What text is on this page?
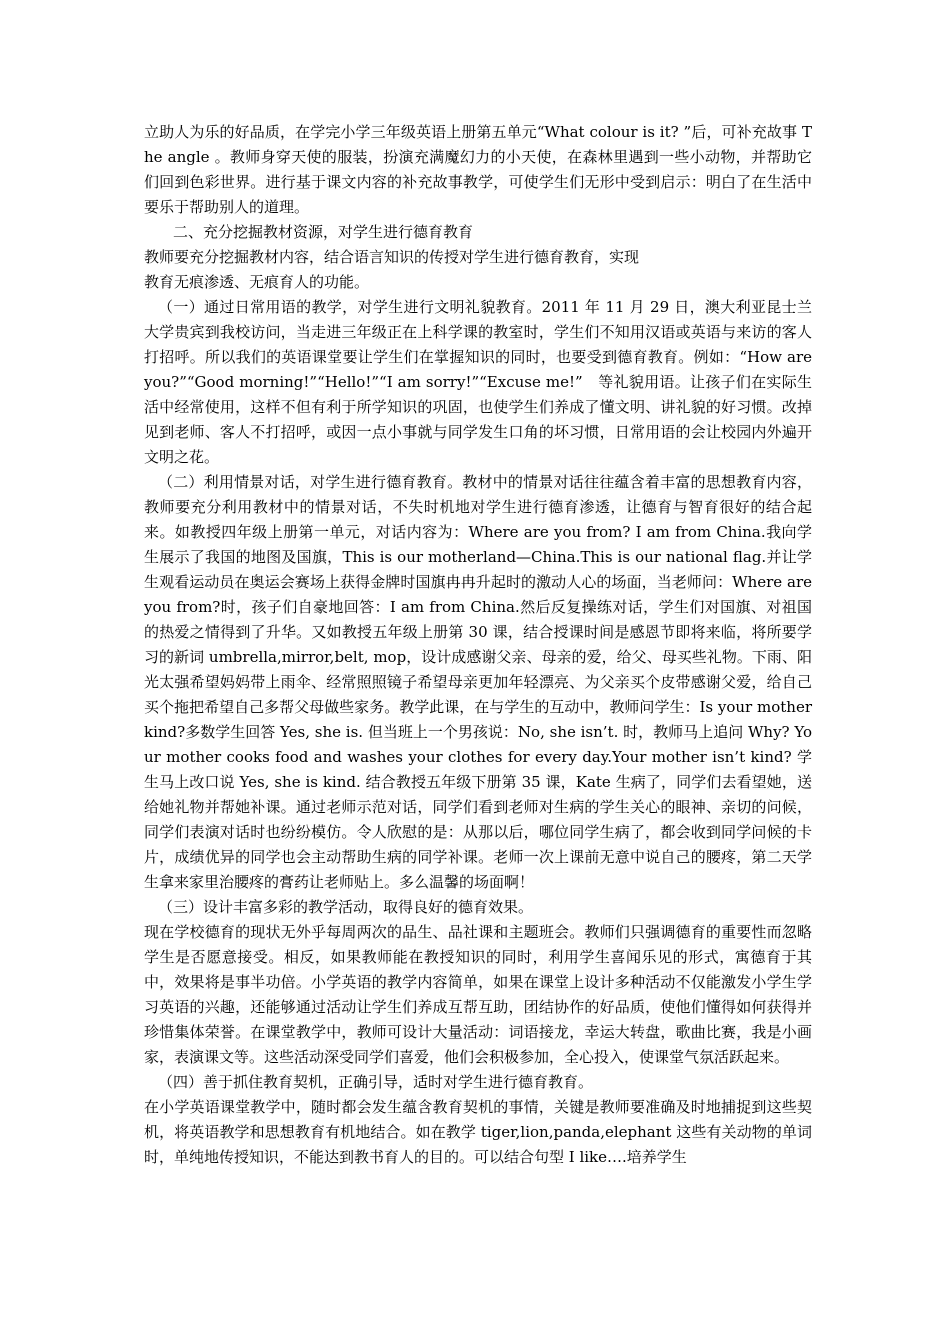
立助人为乐的好品质，在学完小学三年级英语上册第五单元“What colour is it? ”后，可补充故事 The angle 。教师身穿天使的服装，扮演充满魔幻力的小天使，在森林里遇到一些小动物，并帮助它们回到色彩世界。进行基于课文内容的补充故事教学，可使学生们无形中受到启示：明白了在生活中要乐于帮助别人的道理。

　二、充分挖掘教材资源，对学生进行德育教育

教师要充分挖掘教材内容，结合语言知识的传授对学生进行德育教育，实现

教育无痕渗透、无痕育人的功能。

（一）通过日常用语的教学，对学生进行文明礼貌教育。2011 年 11 月 29 日，澳大利亚昆士兰大学贵宾到我校访问，当走进三年级正在上科学课的教室时，学生们不知用汉语或英语与来访的客人打招呼。所以我们的英语课堂要让学生们在掌握知识的同时，也要受到德育教育。例如：“How are you?”“Good morning!”“Hello!”“I am sorry!”“Excuse me!”　等礼貌用语。让孩子们在实际生活中经常使用，这样不但有利于所学知识的巩固，也使学生们养成了懂文明、讲礼貌的好习惯。改掉见到老师、客人不打招呼，或因一点小事就与同学发生口角的坏习惯，日常用语的会让校园内外遍开文明之花。

（二）利用情景对话，对学生进行德育教育。教材中的情景对话往往蕴含着丰富的思想教育内容，教师要充分利用教材中的情景对话，不失时机地对学生进行德育渗透，让德育与智育很好的结合起来。如教授四年级上册第一单元，对话内容为：Where are you from? I am from China.我向学生展示了我国的地图及国旗，This is our motherland—China.This is our national flag.并让学生观看运动员在奥运会赛场上获得金牌时国旗冉冉升起时的激动人心的场面，当老师问：Where are you from?时，孩子们自豪地回答：I am from China.然后反复操练对话，学生们对国旗、对祖国的热爱之情得到了升华。又如教授五年级上册第 30 课，结合授课时间是感恩节即将来临，将所要学习的新词 umbrella,mirror,belt, mop，设计成感谢父亲、母亲的爱，给父、母买些礼物。下雨、阳光太强希望妈妈带上雨伞、经常照照镜子希望母亲更加年轻漂亮、为父亲买个皮带感谢父爱，给自己买个拖把希望自己多帮父母做些家务。教学此课，在与学生的互动中，教师问学生：Is your mother kind?多数学生回答 Yes, she is. 但当班上一个男孩说：No, she isn’t. 时，教师马上追问 Why? Your mother cooks food and washes your clothes for every day.Your mother isn’t kind? 学生马上改口说 Yes, she is kind. 结合教授五年级下册第 35 课，Kate 生病了，同学们去看望她，送给她礼物并帮她补课。通过老师示范对话，同学们看到老师对生病的学生关心的眼神、亲切的问候，同学们表演对话时也纷纷模仿。令人欣慰的是：从那以后，哪位同学生病了，都会收到同学问候的卡片，成绩优异的同学也会主动帮助生病的同学补课。老师一次上课前无意中说自己的腰疼，第二天学生拿来家里治腰疼的膏药让老师贴上。多么温馨的场面啊！

（三）设计丰富多彩的教学活动，取得良好的德育效果。

现在学校德育的现状无外乎每周两次的品生、品社课和主题班会。教师们只强调德育的重要性而忽略学生是否愿意接受。相反，如果教师能在教授知识的同时，利用学生喜闻乐见的形式，寓德育于其中，效果将是事半功倍。小学英语的教学内容简单，如果在课堂上设计多种活动不仅能激发小学生学习英语的兴趣，还能够通过活动让学生们养成互帮互助，团结协作的好品质，使他们懂得如何获得并珍惜集体荣誉。在课堂教学中，教师可设计大量活动：词语接龙，幸运大转盘，歌曲比赛，我是小画家，表演课文等。这些活动深受同学们喜爱，他们会积极参加，全心投入，使课堂气氛活跃起来。

（四）善于抓住教育契机，正确引导，适时对学生进行德育教育。

在小学英语课堂教学中，随时都会发生蕴含教育契机的事情，关键是教师要准确及时地捕捉到这些契机，将英语教学和思想教育有机地结合。如在教学 tiger,lion,panda,elephant 这些有关动物的单词时，单纯地传授知识，不能达到教书育人的目的。可以结合句型 I like….培养学生
